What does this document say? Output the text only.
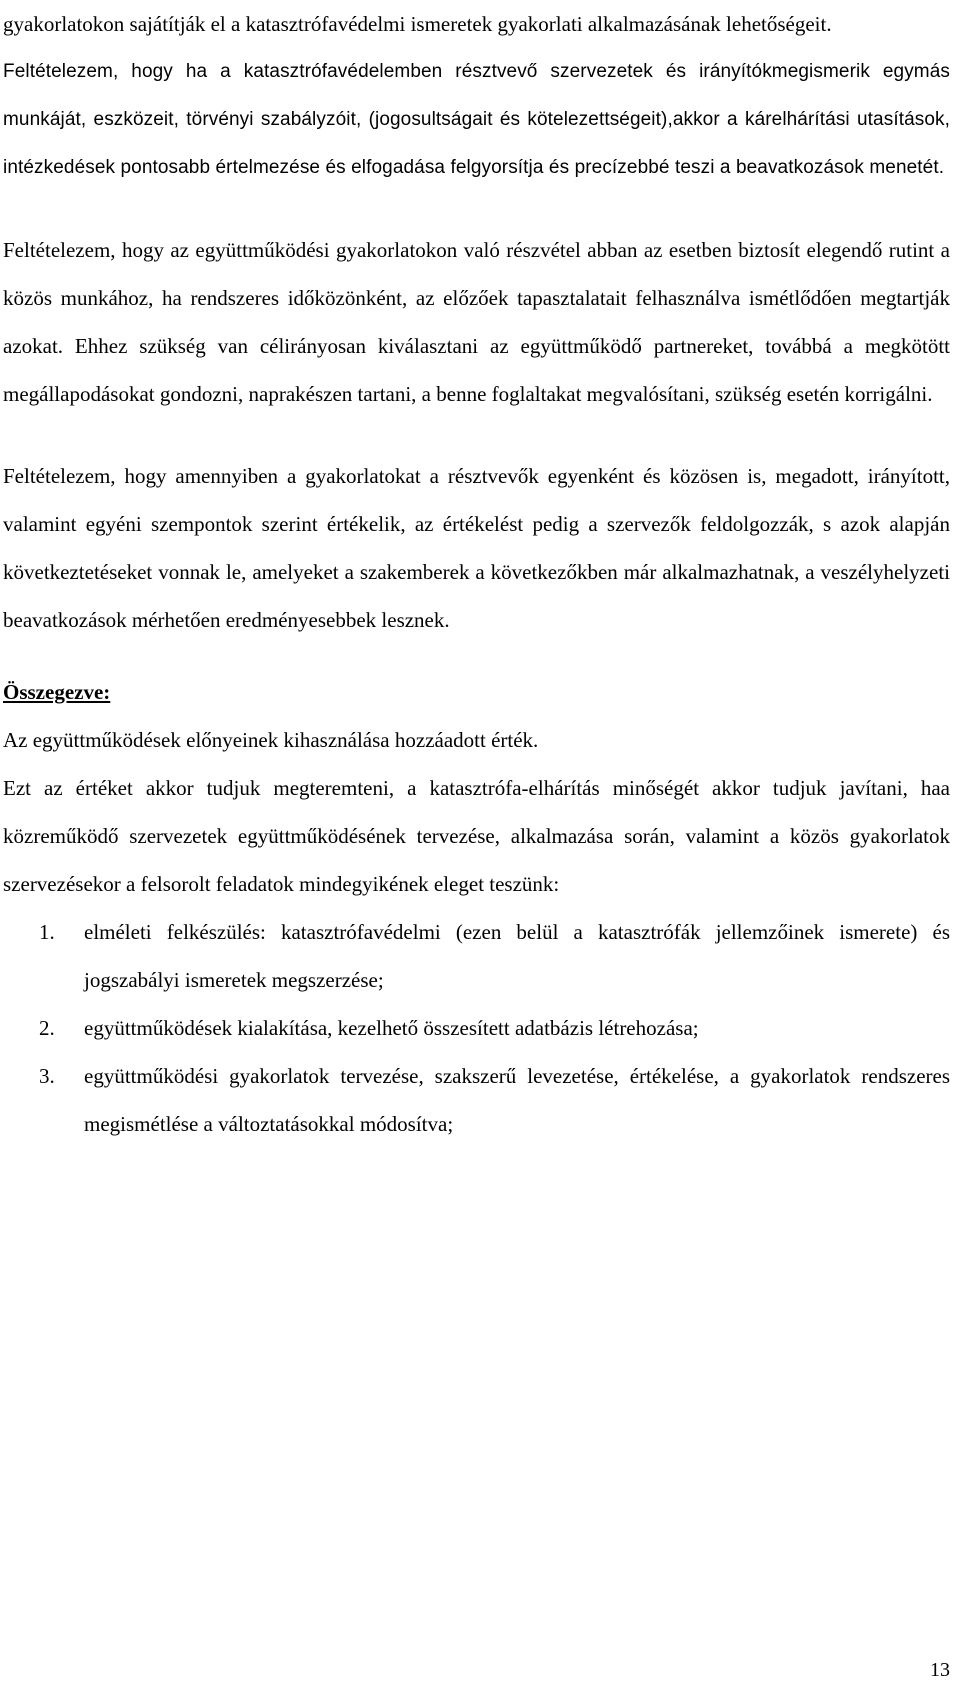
gyakorlatokon sajátítják el a katasztrófavédelmi ismeretek gyakorlati alkalmazásának lehetőségeit.

Feltételezem, hogy ha a katasztrófavédelemben résztvevő szervezetek és irányítókmegismerik egymás munkáját, eszközeit, törvényi szabályzóit, (jogosultságait és kötelezettségeit),akkor a kárelhárítási utasítások, intézkedések pontosabb értelmezése és elfogadása felgyorsítja és precízebbé teszi a beavatkozások menetét.

Feltételezem, hogy az együttműködési gyakorlatokon való részvétel abban az esetben biztosít elegendő rutint a közös munkához, ha rendszeres időközönként, az előzőek tapasztalatait felhasználva ismétlődően megtartják azokat. Ehhez szükség van célirányosan kiválasztani az együttműködő partnereket, továbbá a megkötött megállapodásokat gondozni, naprakészen tartani, a benne foglaltakat megvalósítani, szükség esetén korrigálni.

Feltételezem, hogy amennyiben a gyakorlatokat a résztvevők egyenként és közösen is, megadott, irányított, valamint egyéni szempontok szerint értékelik, az értékelést pedig a szervezők feldolgozzák, s azok alapján következtetéseket vonnak le, amelyeket a szakemberek a következőkben már alkalmazhatnak, a veszélyhelyzeti beavatkozások mérhetően eredményesebbek lesznek.

Összegezve:

Az együttműködések előnyeinek kihasználása hozzáadott érték.

Ezt az értéket akkor tudjuk megteremteni, a katasztrófa-elhárítás minőségét akkor tudjuk javítani, haa közreműködő szervezetek együttműködésének tervezése, alkalmazása során, valamint a közös gyakorlatok szervezésekor a felsorolt feladatok mindegyikének eleget teszünk:

1. elméleti felkészülés: katasztrófavédelmi (ezen belül a katasztrófák jellemzőinek ismerete) és jogszabályi ismeretek megszerzése;
2. együttműködések kialakítása, kezelhető összesített adatbázis létrehozása;
3. együttműködési gyakorlatok tervezése, szakszerű levezetése, értékelése, a gyakorlatok rendszeres megismétlése a változtatásokkal módosítva;
13
